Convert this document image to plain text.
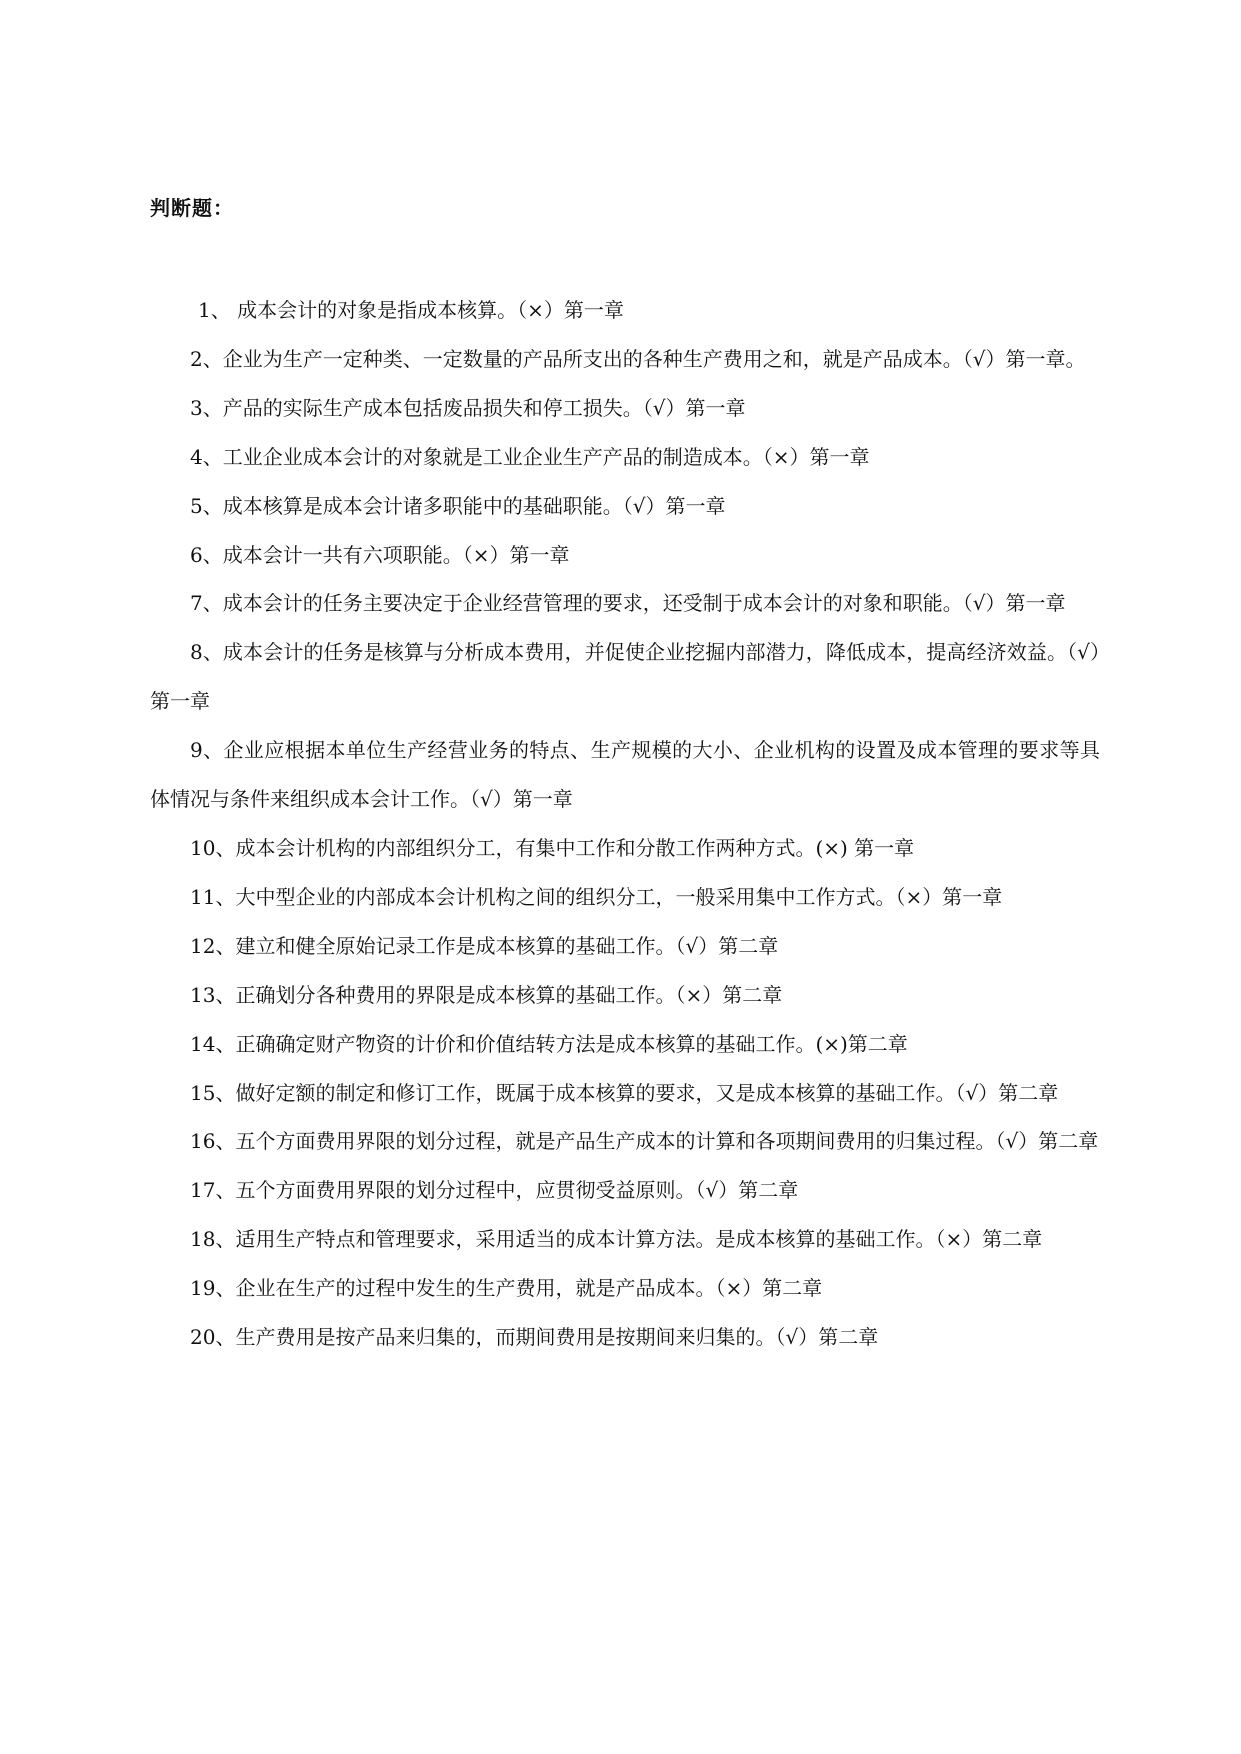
判断题：
1、 成本会计的对象是指成本核算。（×）第一章
2、企业为生产一定种类、一定数量的产品所支出的各种生产费用之和，就是产品成本。（√）第一章。
3、产品的实际生产成本包括废品损失和停工损失。（√）第一章
4、工业企业成本会计的对象就是工业企业生产产品的制造成本。（×）第一章
5、成本核算是成本会计诸多职能中的基础职能。（√）第一章
6、成本会计一共有六项职能。（×）第一章
7、成本会计的任务主要决定于企业经营管理的要求，还受制于成本会计的对象和职能。（√）第一章
8、成本会计的任务是核算与分析成本费用，并促使企业挖掘内部潜力，降低成本，提高经济效益。（√）第一章
9、企业应根据本单位生产经营业务的特点、生产规模的大小、企业机构的设置及成本管理的要求等具体情况与条件来组织成本会计工作。（√）第一章
10、成本会计机构的内部组织分工，有集中工作和分散工作两种方式。(×) 第一章
11、大中型企业的内部成本会计机构之间的组织分工，一般采用集中工作方式。（×）第一章
12、建立和健全原始记录工作是成本核算的基础工作。（√）第二章
13、正确划分各种费用的界限是成本核算的基础工作。（×）第二章
14、正确确定财产物资的计价和价值结转方法是成本核算的基础工作。(×)第二章
15、做好定额的制定和修订工作，既属于成本核算的要求，又是成本核算的基础工作。（√）第二章
16、五个方面费用界限的划分过程，就是产品生产成本的计算和各项期间费用的归集过程。（√）第二章
17、五个方面费用界限的划分过程中，应贯彻受益原则。（√）第二章
18、适用生产特点和管理要求，采用适当的成本计算方法。是成本核算的基础工作。（×）第二章
19、企业在生产的过程中发生的生产费用，就是产品成本。（×）第二章
20、生产费用是按产品来归集的，而期间费用是按期间来归集的。（√）第二章
